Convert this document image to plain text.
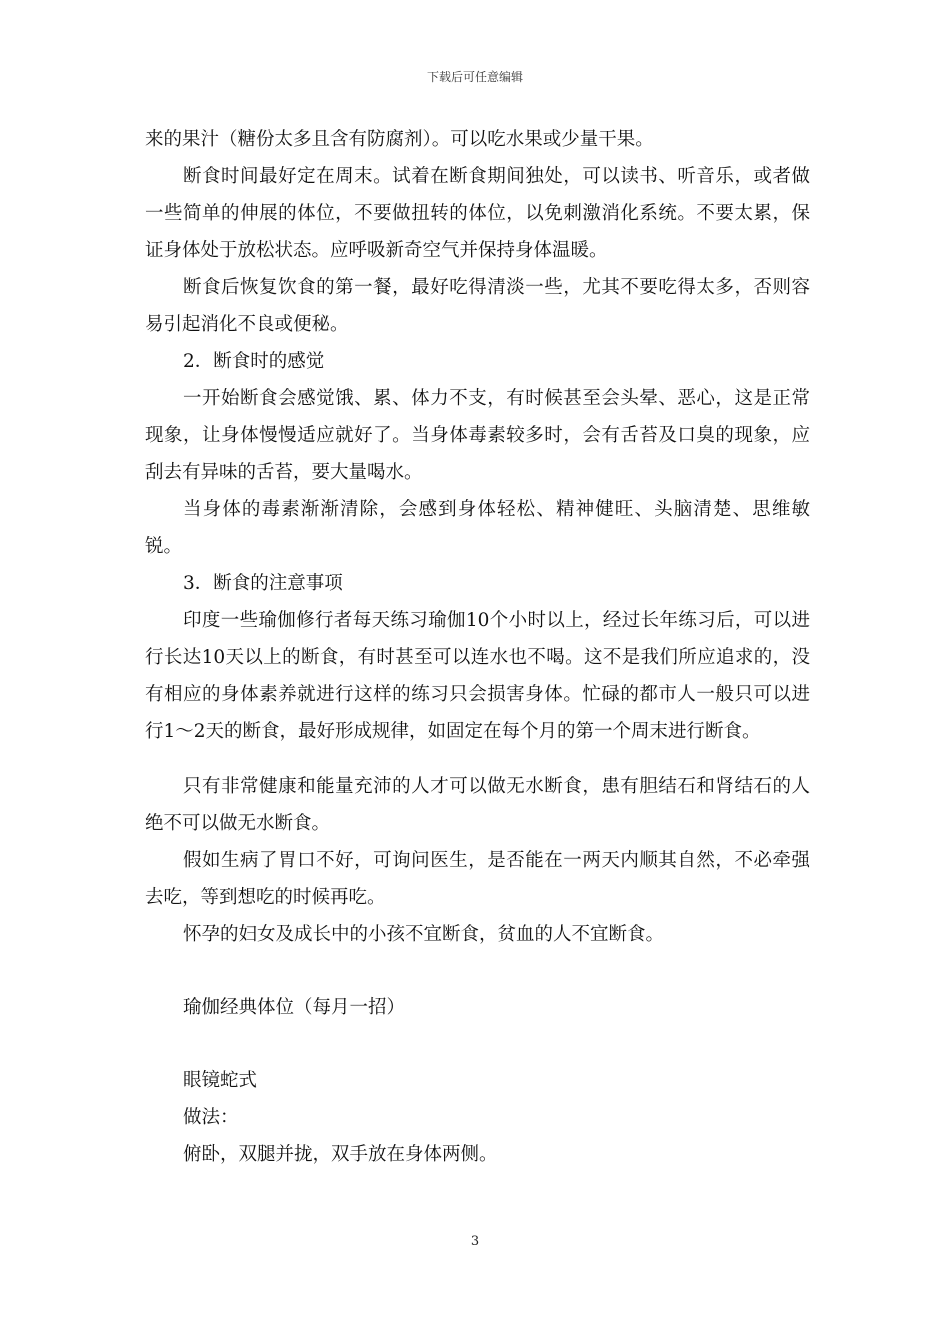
下载后可任意编辑

来的果汁（糖份太多且含有防腐剂）。可以吃水果或少量干果。

断食时间最好定在周末。试着在断食期间独处，可以读书、听音乐，或者做一些简单的伸展的体位，不要做扭转的体位，以免刺激消化系统。不要太累，保证身体处于放松状态。应呼吸新奇空气并保持身体温暖。

断食后恢复饮食的第一餐，最好吃得清淡一些，尤其不要吃得太多，否则容易引起消化不良或便秘。

2．断食时的感觉

一开始断食会感觉饿、累、体力不支，有时候甚至会头晕、恶心，这是正常现象，让身体慢慢适应就好了。当身体毒素较多时，会有舌苔及口臭的现象，应刮去有异味的舌苔，要大量喝水。

当身体的毒素渐渐清除，会感到身体轻松、精神健旺、头脑清楚、思维敏锐。

3．断食的注意事项

印度一些瑜伽修行者每天练习瑜伽10个小时以上，经过长年练习后，可以进行长达10天以上的断食，有时甚至可以连水也不喝。这不是我们所应追求的，没有相应的身体素养就进行这样的练习只会损害身体。忙碌的都市人一般只可以进行1～2天的断食，最好形成规律，如固定在每个月的第一个周末进行断食。

只有非常健康和能量充沛的人才可以做无水断食，患有胆结石和肾结石的人绝不可以做无水断食。

假如生病了胃口不好，可询问医生，是否能在一两天内顺其自然，不必牵强去吃，等到想吃的时候再吃。

怀孕的妇女及成长中的小孩不宜断食，贫血的人不宜断食。

瑜伽经典体位（每月一招）

眼镜蛇式

做法：

俯卧，双腿并拢，双手放在身体两侧。

3
